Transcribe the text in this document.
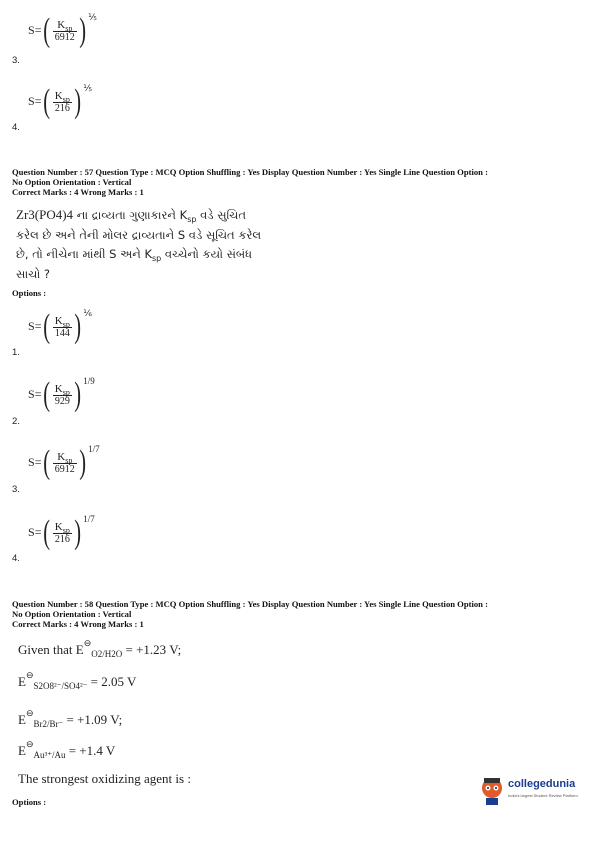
$S=( \frac{K_{sp}}{6912}$ ) $^{\frac{1}{5}}$
3.
$S=( \frac{K_{sp}}{216}$ ) $^{\frac{1}{5}}$
4.
Question Number : 57 Question Type : MCQ Option Shuffling : Yes Display Question Number : Yes Single Line Question Option :
No Option Orientation : Vertical
Correct Marks : 4 Wrong Marks : 1
Zr3(PO4)4 ના દ્રાવ્યતા ગુણાકારને $K_{sp}$ વડે સુચિત
કરેલ છે અને તેની મોલર દ્રાવ્યતાને S વડે સૂચિત કરેલ
છે, તો નીચેના માંથી S અને $K_{sp}$ વચ્ચેનો કયો સંબંધ
સાચો ?
Options :
$S=( \frac{K_{sp}}{144}$ ) $^{\frac{1}{6}}$
1.
$S=( \frac{K_{sp}}{929}$ ) $^{1/9}$
2.
$S=( \frac{K_{sp}}{6912}$ ) $^{1/7}$
3.
$S=( \frac{K_{sp}}{216}$ ) $^{1/7}$
4.
Question Number : 58 Question Type : MCQ Option Shuffling : Yes Display Question Number : Yes Single Line Question Option :
No Option Orientation : Vertical
Correct Marks : 4 Wrong Marks : 1
Given that $E^⊖_{O2/H2O} = +1.23$ V;
$E^⊖_{S2O8^{2-}/SO4^{2-}} = 2.05$ V
$E^⊖_{Br2/Br^-} = +1.09$ V;
$E^⊖_{Au^{3+}/Au} = +1.4$ V
The strongest oxidizing agent is :
Options :
collegedunia
India's largest Student Review Platform
